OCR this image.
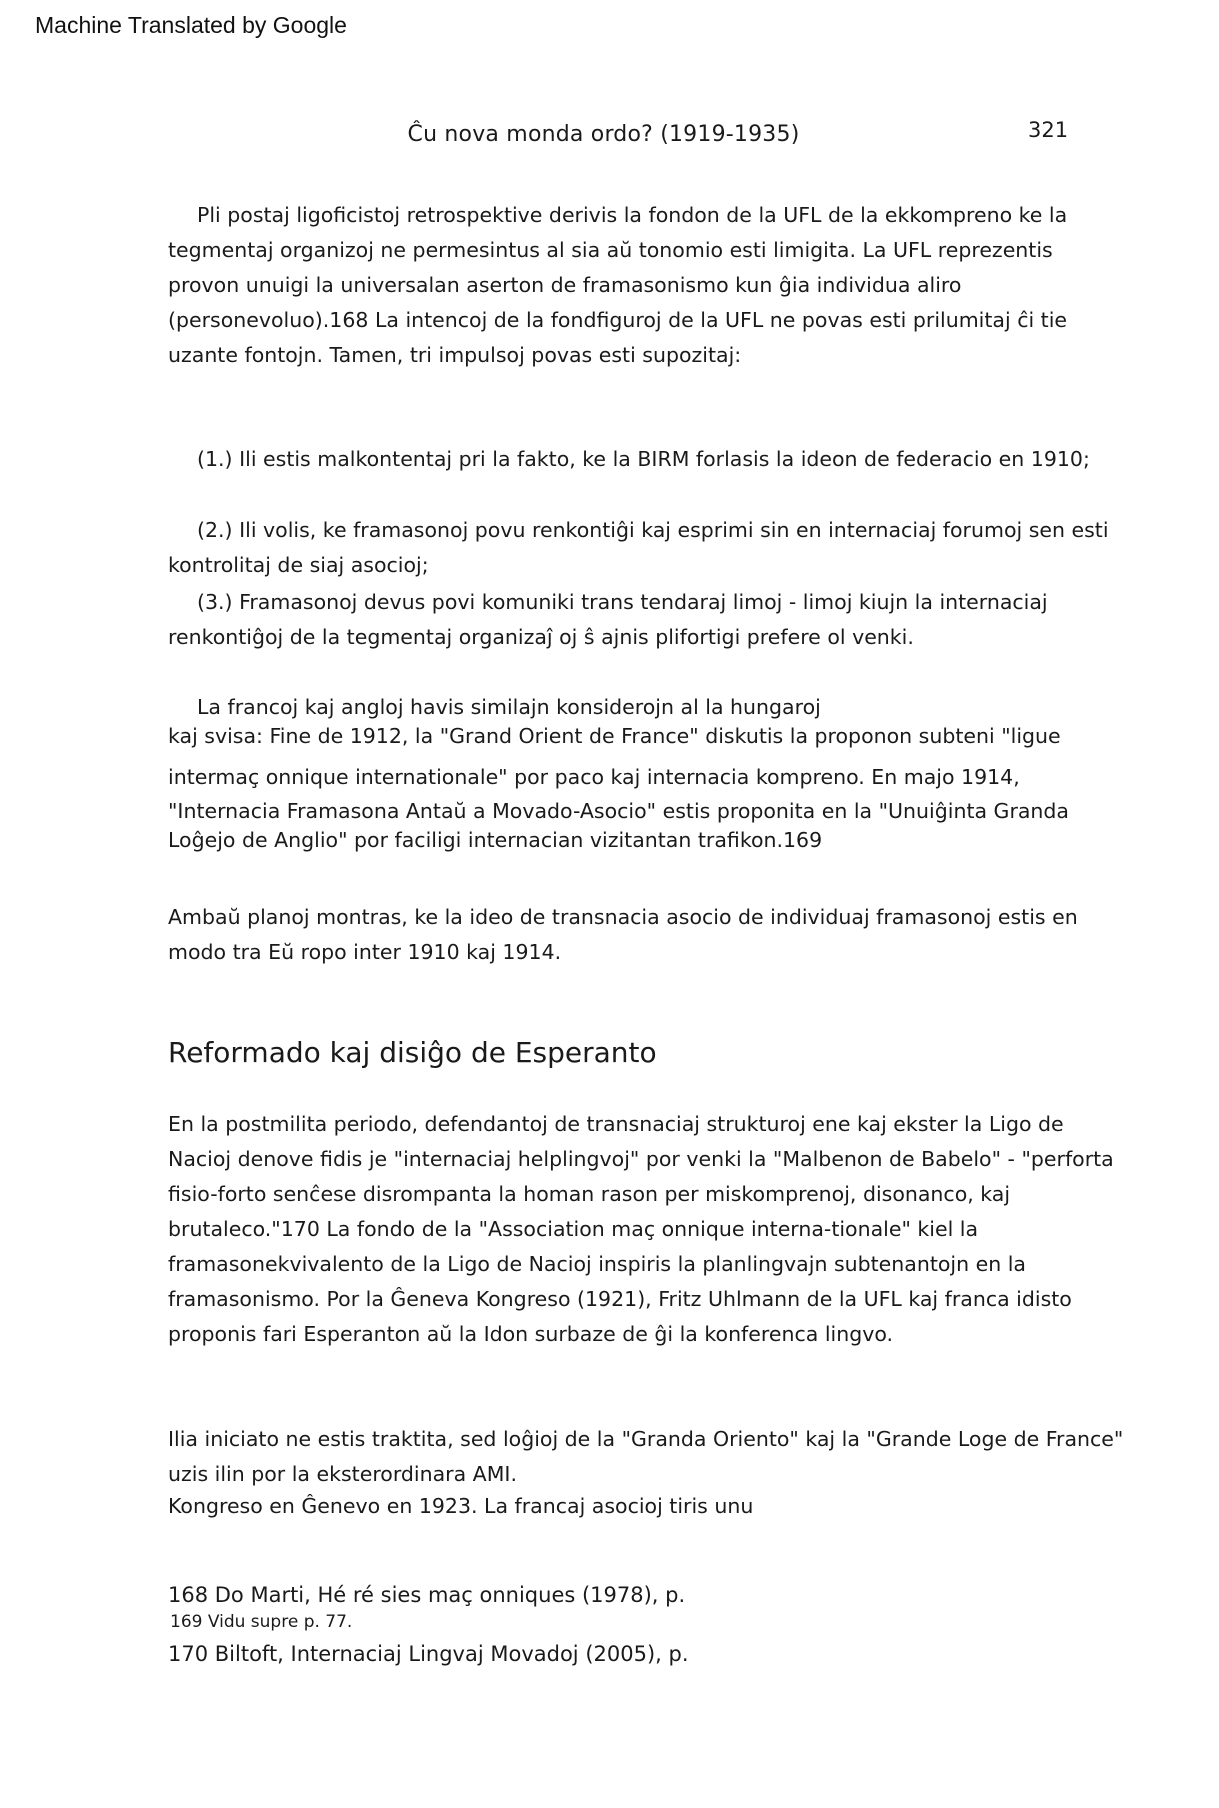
Machine Translated by Google
Ĉu nova monda ordo? (1919-1935)	321
Pli postaj ligoficistoj retrospektive derivis la fondon de la UFL de la ekkompreno ke la
tegmentaj organizoj ne permesintus al sia aŭ tonomio esti limigita. La UFL reprezentis
provon unuigi la universalan aserton de framasonismo kun ĝia individua aliro
(personevoluo).168 La intencoj de la fondfiguroj de la UFL ne povas esti prilumitaj ĉi tie
uzante fontojn. Tamen, tri impulsoj povas esti supozitaj:
(1.) Ili estis malkontentaj pri la fakto, ke la BIRM forlasis la ideon de federacio en 1910;
(2.) Ili volis, ke framasonoj povu renkontiĝi kaj esprimi sin en internaciaj forumoj sen esti
kontrolitaj de siaj asocioj;
(3.) Framasonoj devus povi komuniki trans tendaraj limoj - limoj kiujn la internaciaj
renkontiĝoj de la tegmentaj organizaĵ oj ŝ ajnis plifortigi prefere ol venki.
La francoj kaj angloj havis similajn konsiderojn al la hungaroj
kaj svisa: Fine de 1912, la "Grand Orient de France" diskutis la proponon subteni "ligue
intermaç onnique internationale" por paco kaj internacia kompreno. En majo 1914,
"Internacia Framasona Antaŭ a Movado-Asocio" estis proponita en la "Unuiĝinta Granda
Loĝejo de Anglio" por faciligi internacian vizitantan trafikon.169
Ambaŭ planoj montras, ke la ideo de transnacia asocio de individuaj framasonoj estis en
modo tra Eŭ ropo inter 1910 kaj 1914.
Reformado kaj disiĝo de Esperanto
En la postmilita periodo, defendantoj de transnaciaj strukturoj ene kaj ekster la Ligo de
Nacioj denove fidis je "internaciaj helplingvoj" por venki la "Malbenon de Babelo" - "perforta
fisio-forto senĉese disrompanta la homan rason per miskomprenoj, disonanco, kaj
brutaleco."170 La fondo de la "Association maç onnique interna-tionale" kiel la
framasonekvivalento de la Ligo de Nacioj inspiris la planlingvajn subtenantojn en la
framasonismo. Por la Ĝeneva Kongreso (1921), Fritz Uhlmann de la UFL kaj franca idisto
proponis fari Esperanton aŭ la Idon surbaze de ĝi la konferenca lingvo.
Ilia iniciato ne estis traktita, sed loĝioj de la "Granda Oriento" kaj la "Grande Loge de France"
uzis ilin por la eksterordinara AMI.
Kongreso en Ĝenevo en 1923. La francaj asocioj tiris unu
168 Do Marti, Hé ré sies maç onniques (1978), p.
169 Vidu supre p. 77.
170 Biltoft, Internaciaj Lingvaj Movadoj (2005), p.
